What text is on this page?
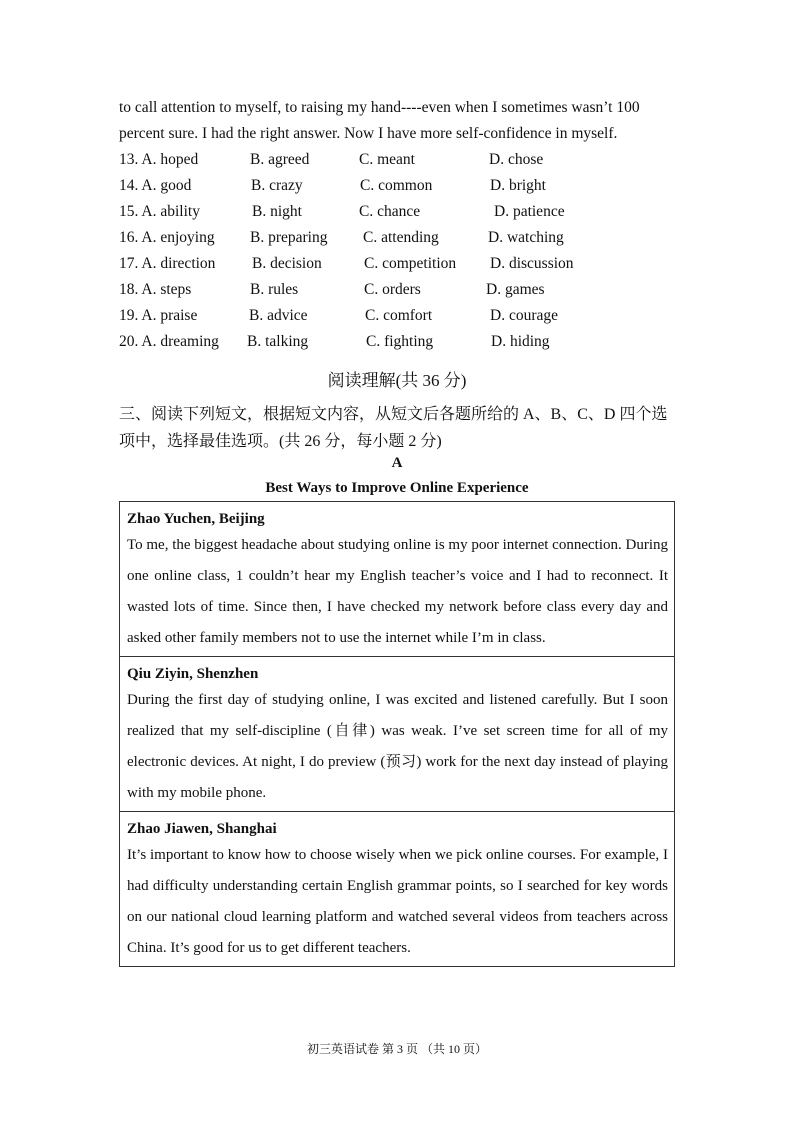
to call attention to myself, to raising my hand----even when I sometimes wasn’t 100
percent sure. I had the right answer. Now I have more self-confidence in myself.
13. A. hoped	B. agreed	C. meant	D. chose
14. A. good	B. crazy	C. common	D. bright
15. A. ability	B. night	C. chance	D. patience
16. A. enjoying B. preparing C. attending	D. watching
17. A. direction B. decision	C. competition D. discussion
18. A. steps	B. rules	C. orders	D. games
19. A. praise	B. advice	C. comfort	D. courage
20. A. dreaming B. talking	C. fighting	D. hiding
阅读理解(共 36 分)
三、阅读下列短文，根据短文内容，从短文后各题所给的 A、B、C、D 四个选
项中，选择最佳选项。(共 26 分，每小题 2 分)
A
Best Ways to Improve Online Experience
Zhao Yuchen, Beijing
To me, the biggest headache about studying online is my poor internet connection. During one online class, 1 couldn’t hear my English teacher’s voice and I had to reconnect. It wasted lots of time. Since then, I have checked my network before class every day and asked other family members not to use the internet while I’m in class.
Qiu Ziyin, Shenzhen
During the first day of studying online, I was excited and listened carefully. But I soon realized that my self-discipline (自律) was weak. I’ve set screen time for all of my electronic devices. At night, I do preview (预习) work for the next day instead of playing with my mobile phone.
Zhao Jiawen, Shanghai
It’s important to know how to choose wisely when we pick online courses. For example, I had difficulty understanding certain English grammar points, so I searched for key words on our national cloud learning platform and watched several videos from teachers across China. It’s good for us to get different teachers.
初三英语试卷 第 3 页 （共 10 页）
